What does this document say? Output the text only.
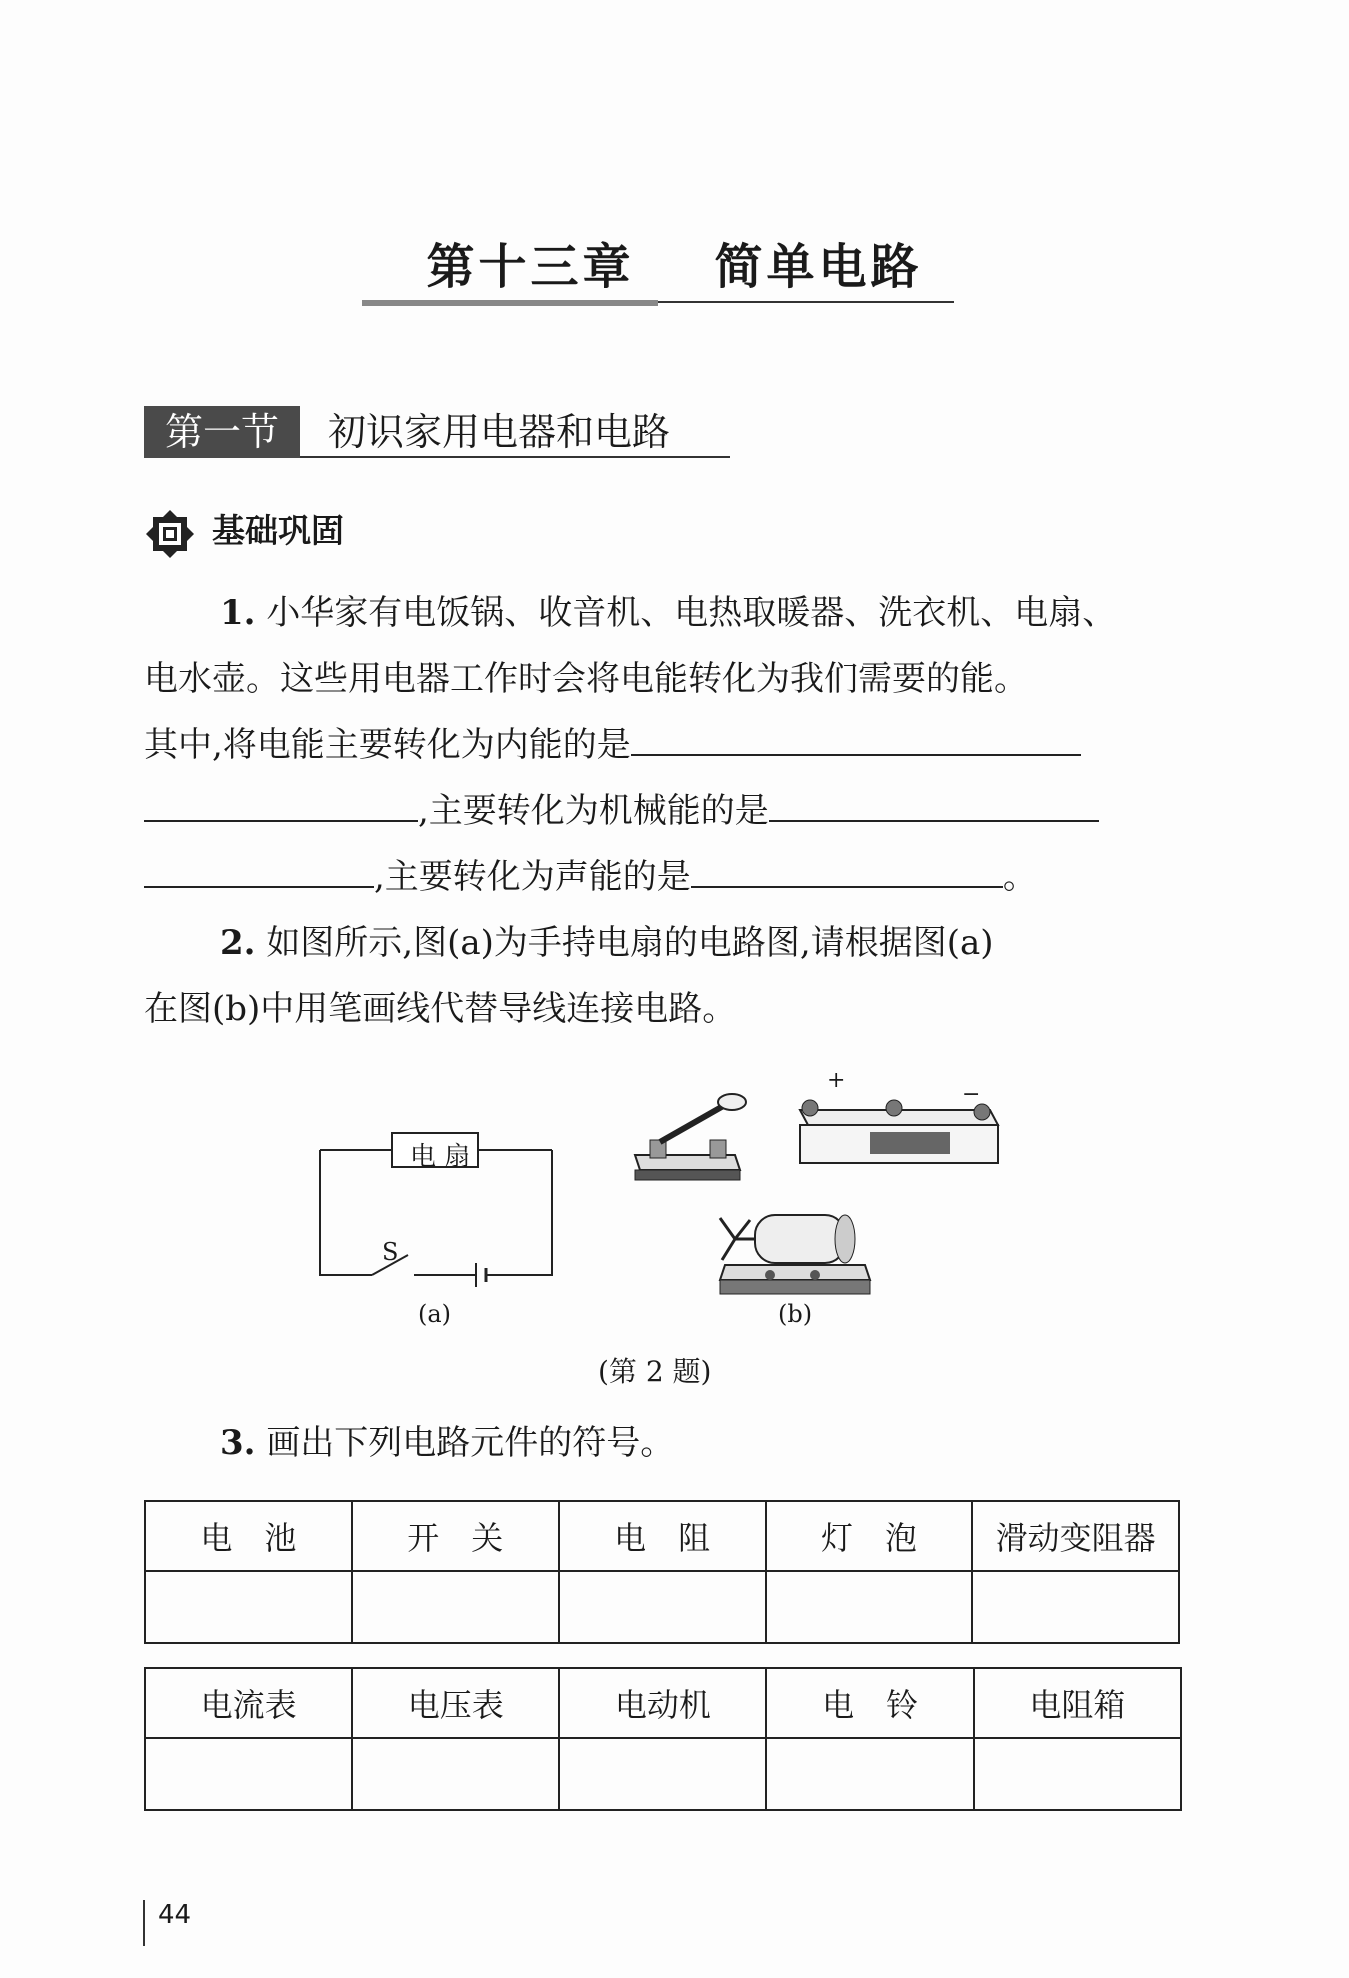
第十三章 简单电路
第一节	初识家用电器和电路
基础巩固
1. 小华家有电饭锅、收音机、电热取暖器、洗衣机、电扇、
电水壶。这些用电器工作时会将电能转化为我们需要的能。
其中,将电能主要转化为内能的是
,主要转化为机械能的是
,主要转化为声能的是	。
2. 如图所示,图(a)为手持电扇的电路图,请根据图(a)
在图(b)中用笔画线代替导线连接电路。
电 扇
S
(a)
+
−
(b)
(第 2 题)
3. 画出下列电路元件的符号。
电　池	开　关	电　阻	灯　泡	滑动变阻器

电流表	电压表	电动机	电　铃	电阻箱

44
